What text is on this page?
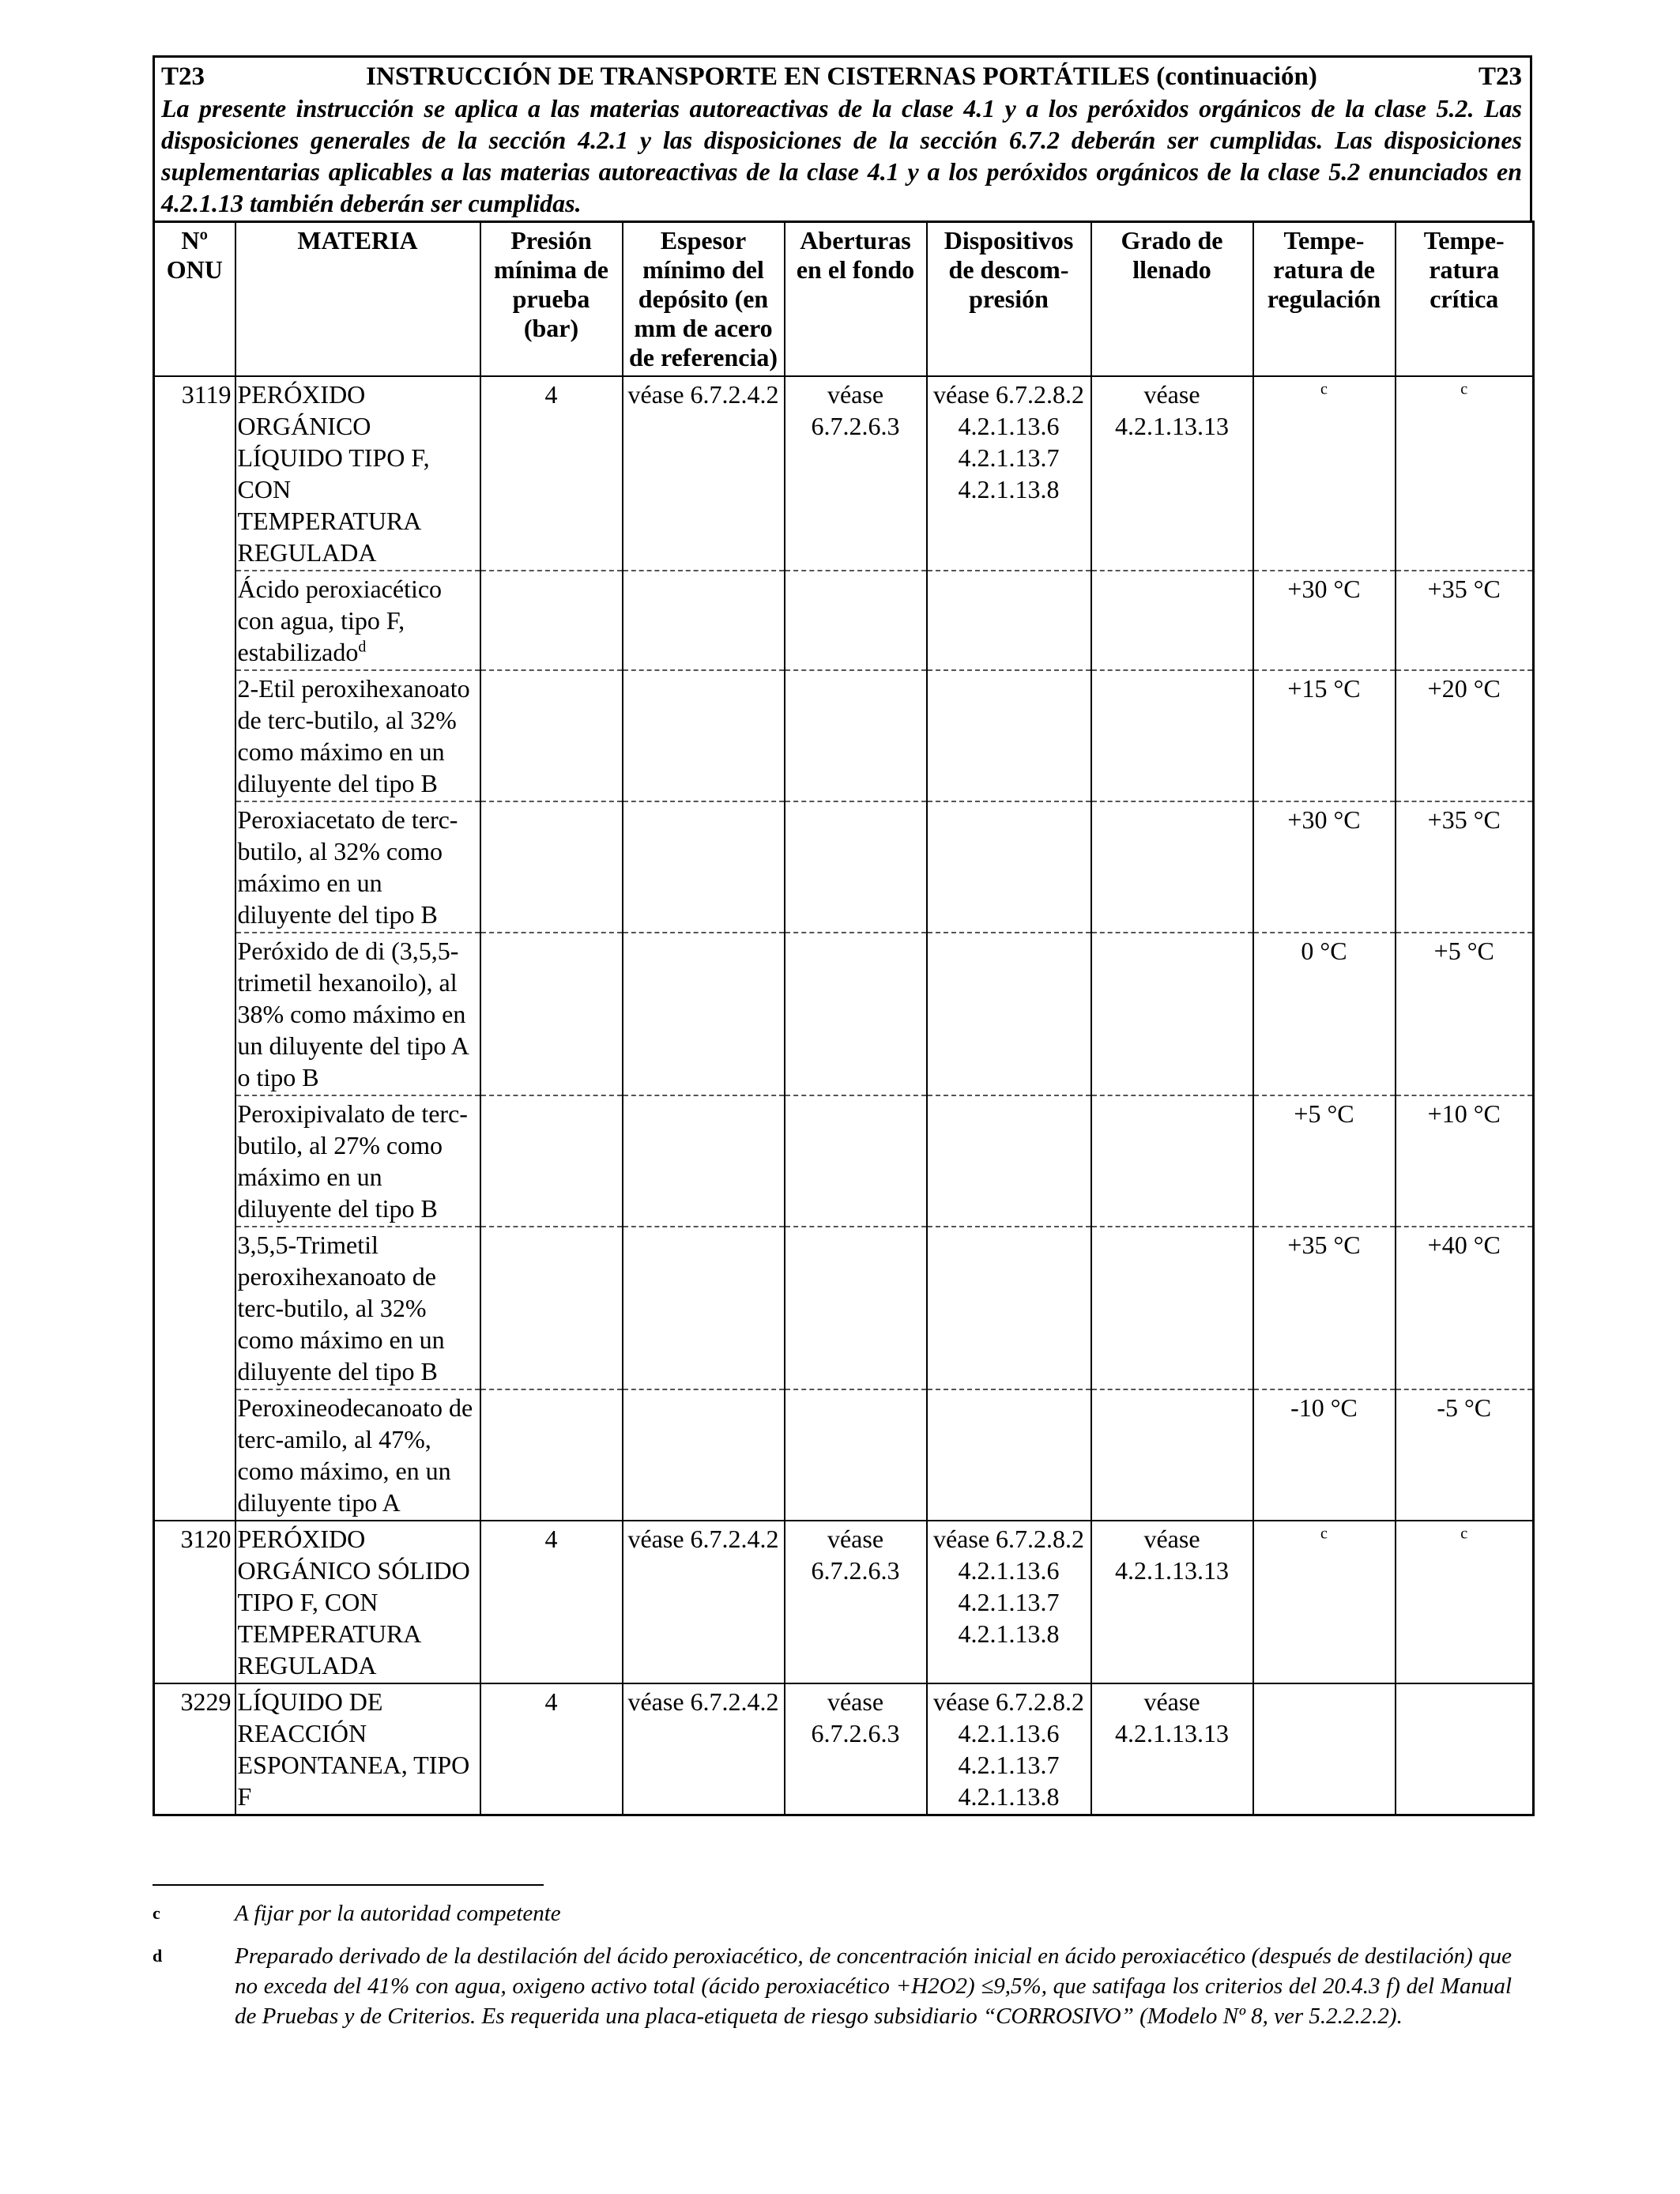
T23	INSTRUCCIÓN DE TRANSPORTE EN CISTERNAS PORTÁTILES (continuación)	T23
La presente instrucción se aplica a las materias autoreactivas de la clase 4.1 y a los peróxidos orgánicos de la clase 5.2. Las disposiciones generales de la sección 4.2.1 y las disposiciones de la sección 6.7.2 deberán ser cumplidas. Las disposiciones suplementarias aplicables a las materias autoreactivas de la clase 4.1 y a los peróxidos orgánicos de la clase 5.2 enunciados en 4.2.1.13 también deberán ser cumplidas.
Nº ONU	MATERIA	Presión mínima de prueba (bar)	Espesor mínimo del depósito (en mm de acero de referencia)	Aberturas en el fondo	Dispositivos de descom-presión	Grado de llenado	Tempe-ratura de regulación	Tempe-ratura crítica
3119	PERÓXIDO ORGÁNICO LÍQUIDO TIPO F, CON TEMPERATURA REGULADA	4	véase 6.7.2.4.2	véase 6.7.2.6.3	véase 6.7.2.8.2 4.2.1.13.6 4.2.1.13.7 4.2.1.13.8	véase 4.2.1.13.13	$^c$	$^c$
	Ácido peroxiacético con agua, tipo F, estabilizado$^d$						+30 °C	+35 °C
	2-Etil peroxihexanoato de terc-butilo, al 32% como máximo en un diluyente del tipo B						+15 °C	+20 °C
	Peroxiacetato de terc-butilo, al 32% como máximo en un diluyente del tipo B						+30 °C	+35 °C
	Peróxido de di (3,5,5-trimetil hexanoilo), al 38% como máximo en un diluyente del tipo A o tipo B						0 °C	+5 °C
	Peroxipivalato de terc-butilo, al 27% como máximo en un diluyente del tipo B						+5 °C	+10 °C
	3,5,5-Trimetil peroxihexanoato de terc-butilo, al 32% como máximo en un diluyente del tipo B						+35 °C	+40 °C
	Peroxineodecanoato de terc-amilo, al 47%, como máximo, en un diluyente tipo A						-10 °C	-5 °C
3120	PERÓXIDO ORGÁNICO SÓLIDO TIPO F, CON TEMPERATURA REGULADA	4	véase 6.7.2.4.2	véase 6.7.2.6.3	véase 6.7.2.8.2 4.2.1.13.6 4.2.1.13.7 4.2.1.13.8	véase 4.2.1.13.13	$^c$	$^c$
3229	LÍQUIDO DE REACCIÓN ESPONTANEA, TIPO F	4	véase 6.7.2.4.2	véase 6.7.2.6.3	véase 6.7.2.8.2 4.2.1.13.6 4.2.1.13.7 4.2.1.13.8	véase 4.2.1.13.13		
c	A fijar por la autoridad competente
d	Preparado derivado de la destilación del ácido peroxiacético, de concentración inicial en ácido peroxiacético (después de destilación) que no exceda del 41% con agua, oxigeno activo total (ácido peroxiacético +H2O2) ≤9,5%, que satifaga los criterios del 20.4.3 f) del Manual de Pruebas y de Criterios. Es requerida una placa-etiqueta de riesgo subsidiario “CORROSIVO” (Modelo Nº 8, ver 5.2.2.2.2).
